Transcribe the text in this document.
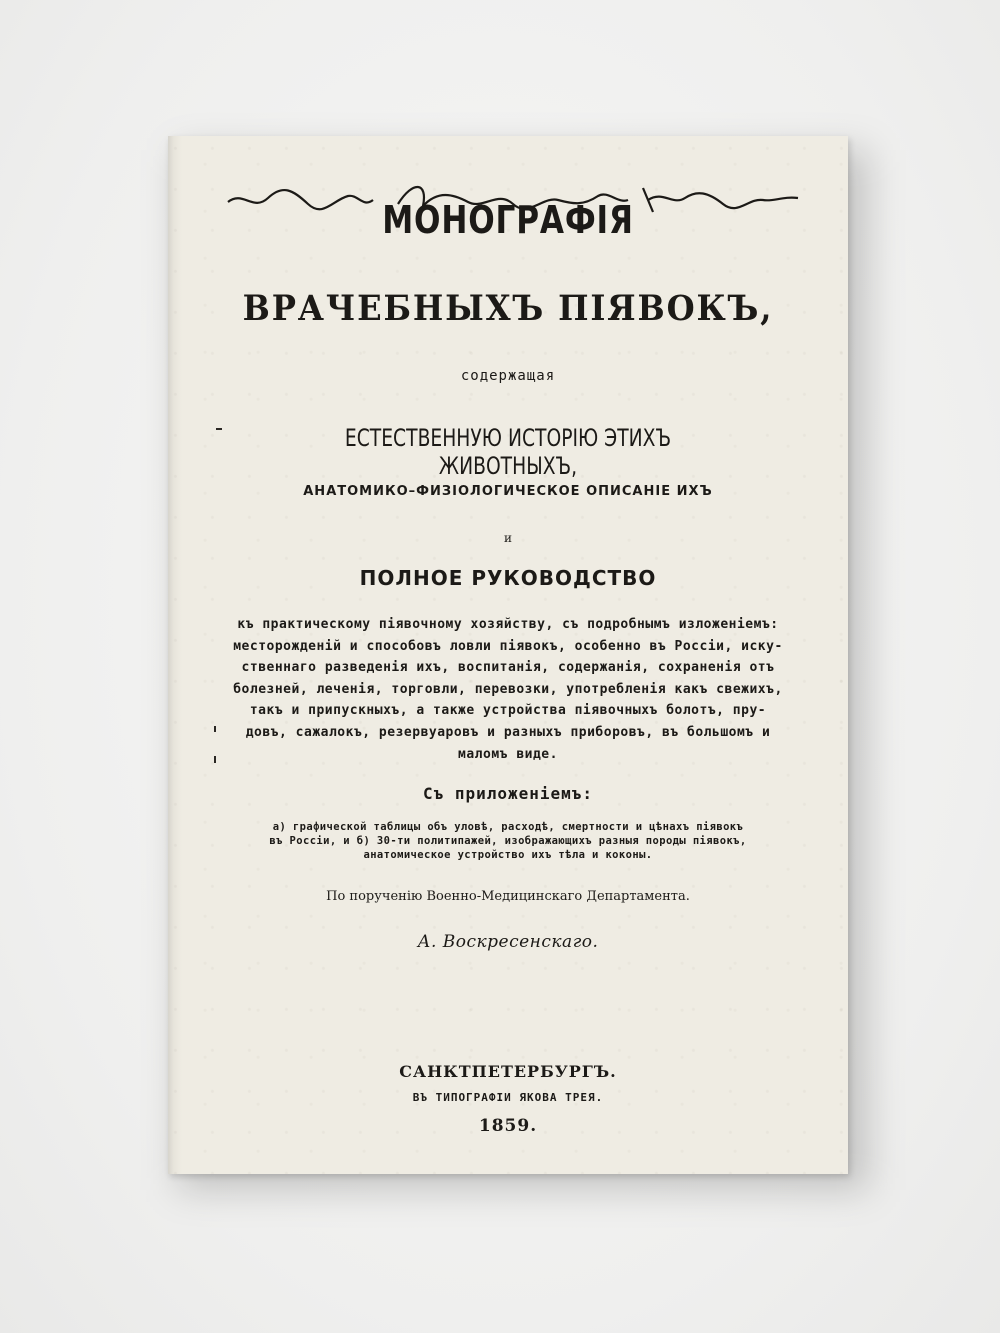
МОНОГРАФІЯ
ВРАЧЕБНЫХЪ ПІЯВОКЪ,
содержащая
ЕСТЕСТВЕННУЮ ИСТОРІЮ ЭТИХЪ ЖИВОТНЫХЪ,
АНАТОМИКО–ФИЗІОЛОГИЧЕСКОЕ ОПИСАНІЕ ИХЪ
и
ПОЛНОЕ РУКОВОДСТВО
къ практическому піявочному хозяйству, съ подробнымъ изложеніемъ:
месторожденій и способовъ ловли піявокъ, особенно въ Россіи, иску-
ственнаго разведенія ихъ, воспитанія, содержанія, сохраненія отъ
болезней, леченія, торговли, перевозки, употребленія какъ свежихъ,
такъ и припускныхъ, а также устройства піявочныхъ болотъ, пру-
довъ, сажалокъ, резервуаровъ и разныхъ приборовъ, въ большомъ и
маломъ виде.
Съ приложеніемъ:
а) графической таблицы объ уловѣ, расходѣ, смертности и цѣнахъ піявокъ
въ Россіи, и б) 30-ти политипажей, изображающихъ разныя породы піявокъ,
анатомическое устройство ихъ тѣла и коконы.
По порученію Военно-Медицинскаго Департамента.
А. Воскресенскаго.
САНКТПЕТЕРБУРГЪ.
ВЪ ТИПОГРАФІИ ЯКОВА ТРЕЯ.
1859.
